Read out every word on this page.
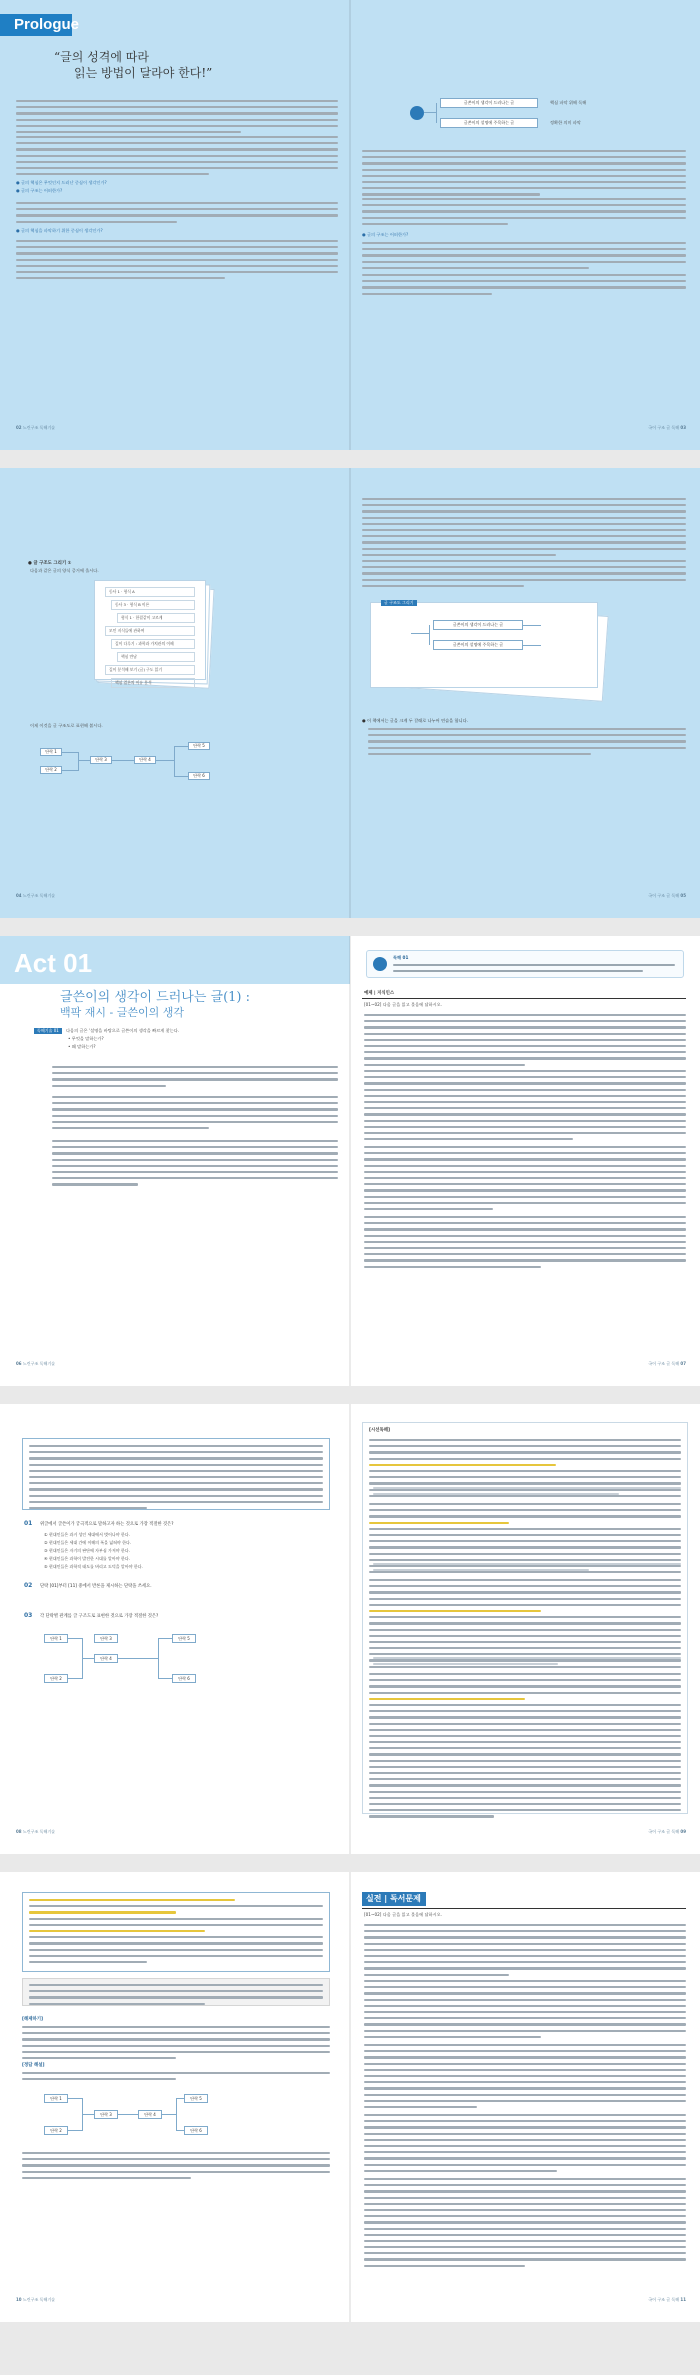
Prologue
“글의 성격에 따라
읽는 방법이 달라야 한다!”
● 글의 핵심은 무엇인지 드러난 중심이 생각인가?
● 글의 구조는 어떠한가?
● 글의 핵심을 파악하기 위한 중심이 생각인가?
02 느린구조 독해기술
글쓴이의 생각이 드러나는 글
글쓴이의 설명에 주목하는 글
핵심 파악 위해 독해
정확한 의미 파악
● 글의 구조는 어떠한가?
국어 구조 글 독해 03
● 글 구조도 그리기 ①
다음과 같은 글의 양식 증거에 올시다.
동사 1 · 형식 A
동사 3 · 형식 B 이론
형식 1 · 한결같이 고르게
모인 지식들에 관하여
깊이 다루기 : 과학과 가치관의 이해
핵심 만남
깊이 분석해 보기 (글) 구도 읽기
핵심 결론의 이유 분석
이제 이것을 글 구조도로 표현해 봅시다.
단락 1
단락 2
단락 3	단락 4
단락 5
단락 6
04 느린구조 독해기술
글 구조도 그리기
글쓴이의 생각이 드러나는 글
글쓴이의 설명에 주목하는 글
● 이 책에서는 글을 크게 두 갈래로 나누어 연습을 합니다.
국어 구조 글 독해 05
Act 01
글쓴이의 생각이 드러나는 글(1) :
백팍 재시 - 글쓴이의 생각
독해기술 01	다음의 글은 ‘설명을 바탕으로 글쓴이의 생각을 빠르게 찾는다.
• 무엇을 말하는가?
• 왜 말하는가?
06 느린구조 독해기술
독해 01
예제 | 지식인스
[01~02] 다음 글을 읽고 물음에 답하시오.
국어 구조 글 독해 07
01 위글에서 글쓴이가 궁극적으로 말하고자 하는 것으로 가장 적절한 것은?
① 현대인들은 과거 성인 세대에서 벗어나야 한다.
② 현대인들은 세대 간에 이해의 폭을 넓혀야 한다.
③ 현대인들은 자기의 판단에 자부심 가져야 한다.
④ 현대인들은 과학이 발전한 시대를 알아야 한다.
⑤ 현대인들은 과학적 태도를 버리고 도덕을 알아야 한다.
02 단락 [01]부터 [11] 중에서 반론을 제시하는 단락을 쓰세요.
03 각 단락별 관계를 글 구조도로 표현한 것으로 가장 적절한 것은?
단락 1
단락 2
단락 3
단락 4
단락 5
단락 6
08 느린구조 독해기술
[시선독해]
국어 구조 글 독해 09
[해제하기]
[정답 해설]
단락 1
단락 2
단락 3	단락 4
단락 5
단락 6
10 느린구조 독해기술
실전 | 독서문제
[01~02] 다음 글을 읽고 물음에 답하시오.
국어 구조 글 독해 11
